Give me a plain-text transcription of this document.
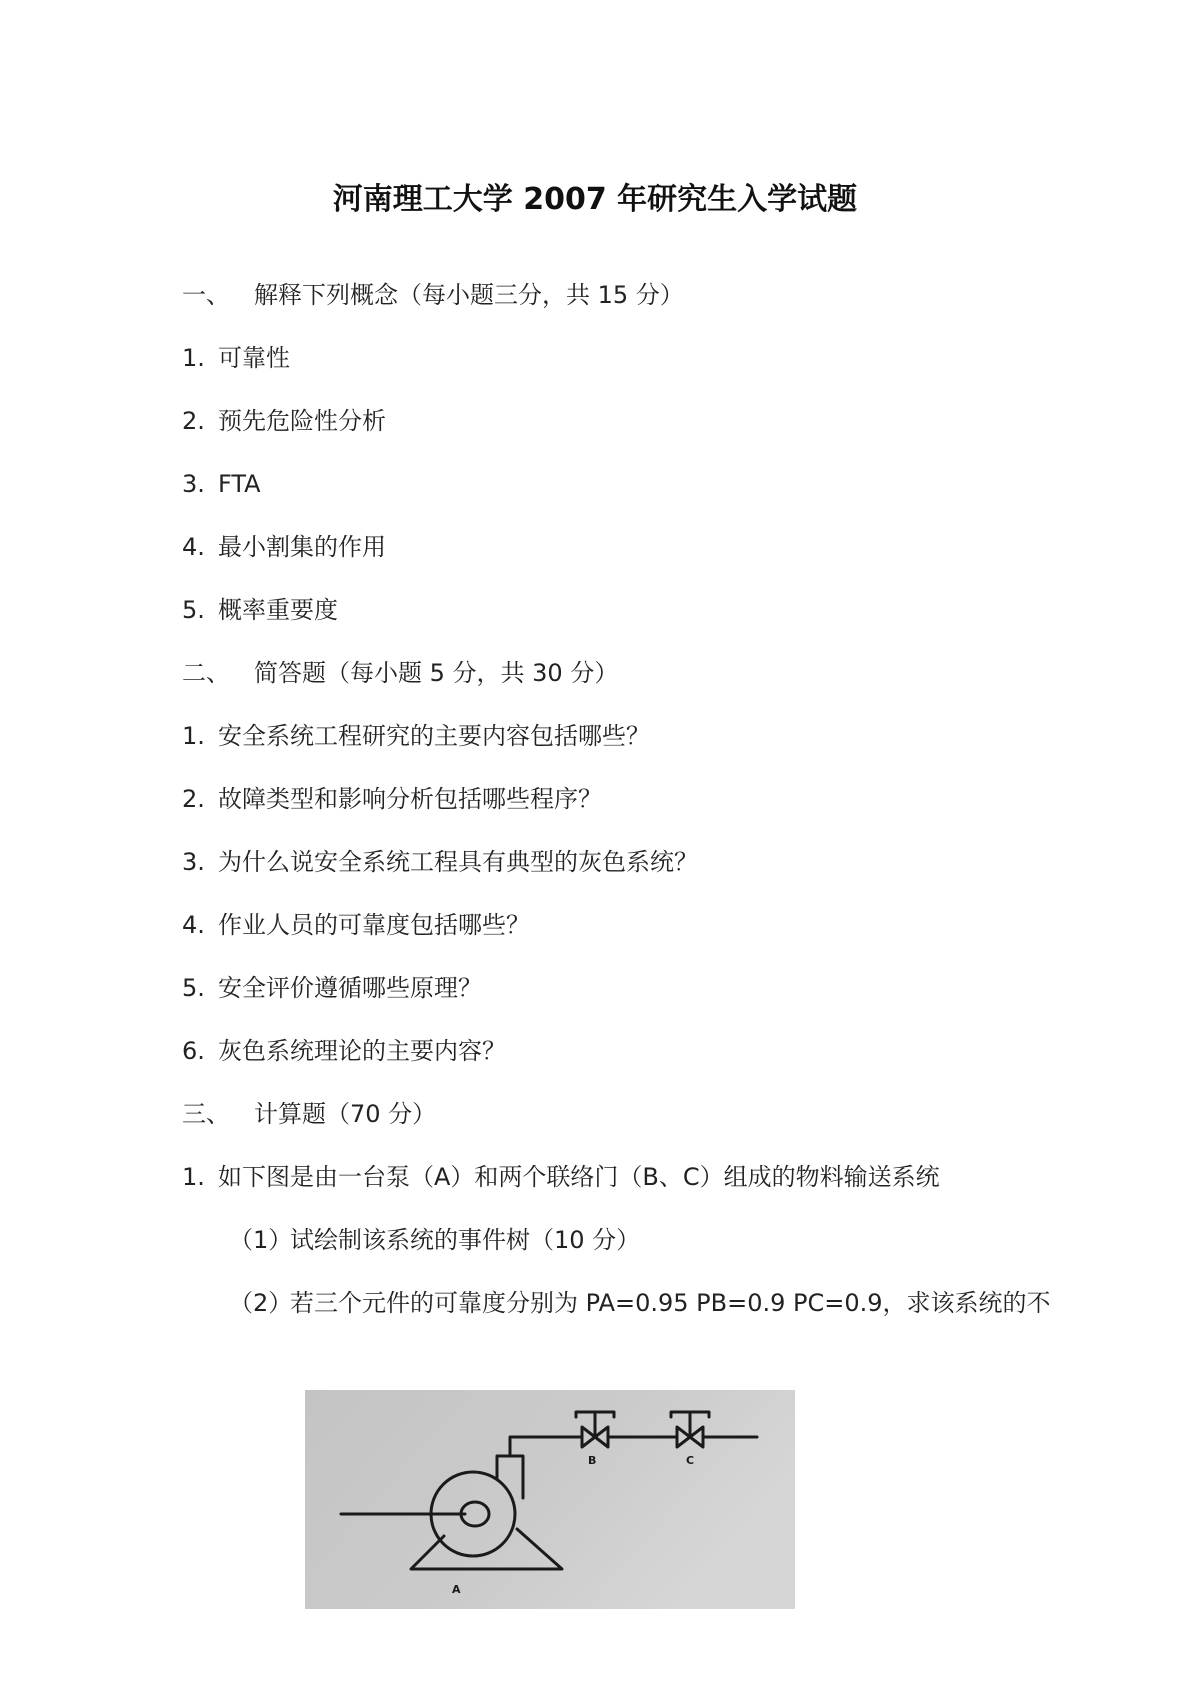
河南理工大学 2007 年研究生入学试题
一、 解释下列概念（每小题三分，共 15 分）
1. 可靠性
2. 预先危险性分析
3. FTA
4. 最小割集的作用
5. 概率重要度
二、 简答题（每小题 5 分，共 30 分）
1. 安全系统工程研究的主要内容包括哪些？
2. 故障类型和影响分析包括哪些程序？
3. 为什么说安全系统工程具有典型的灰色系统？
4. 作业人员的可靠度包括哪些？
5. 安全评价遵循哪些原理？
6. 灰色系统理论的主要内容？
三、 计算题（70 分）
1. 如下图是由一台泵（A）和两个联络门（B、C）组成的物料输送系统
（1）试绘制该系统的事件树（10 分）
（2）若三个元件的可靠度分别为 PA=0.95 PB=0.9 PC=0.9，求该系统的不
B	C
A
